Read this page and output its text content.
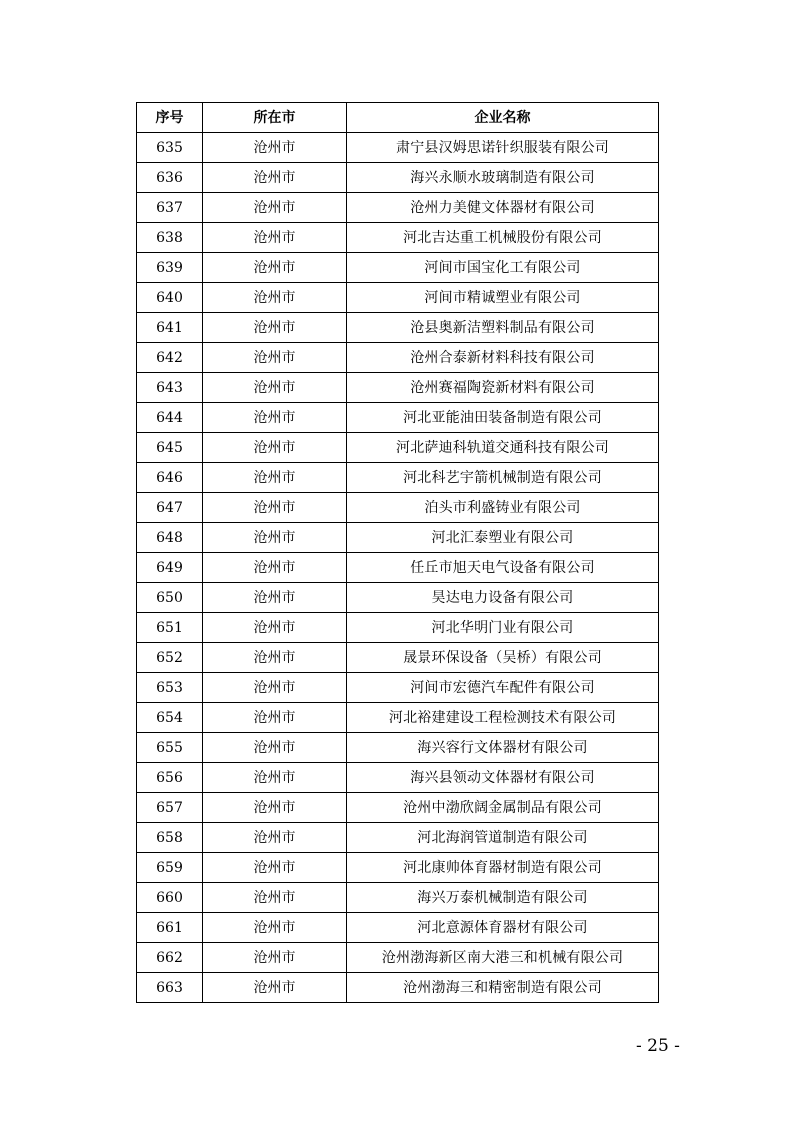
序号	所在市	企业名称
635	沧州市	肃宁县汉姆思诺针织服装有限公司
636	沧州市	海兴永顺水玻璃制造有限公司
637	沧州市	沧州力美健文体器材有限公司
638	沧州市	河北吉达重工机械股份有限公司
639	沧州市	河间市国宝化工有限公司
640	沧州市	河间市精诚塑业有限公司
641	沧州市	沧县奥新洁塑料制品有限公司
642	沧州市	沧州合泰新材料科技有限公司
643	沧州市	沧州赛福陶瓷新材料有限公司
644	沧州市	河北亚能油田装备制造有限公司
645	沧州市	河北萨迪科轨道交通科技有限公司
646	沧州市	河北科艺宇箭机械制造有限公司
647	沧州市	泊头市利盛铸业有限公司
648	沧州市	河北汇泰塑业有限公司
649	沧州市	任丘市旭天电气设备有限公司
650	沧州市	昊达电力设备有限公司
651	沧州市	河北华明门业有限公司
652	沧州市	晟景环保设备（吴桥）有限公司
653	沧州市	河间市宏德汽车配件有限公司
654	沧州市	河北裕建建设工程检测技术有限公司
655	沧州市	海兴容行文体器材有限公司
656	沧州市	海兴县领动文体器材有限公司
657	沧州市	沧州中渤欣阔金属制品有限公司
658	沧州市	河北海润管道制造有限公司
659	沧州市	河北康帅体育器材制造有限公司
660	沧州市	海兴万泰机械制造有限公司
661	沧州市	河北意源体育器材有限公司
662	沧州市	沧州渤海新区南大港三和机械有限公司
663	沧州市	沧州渤海三和精密制造有限公司
- 25 -
